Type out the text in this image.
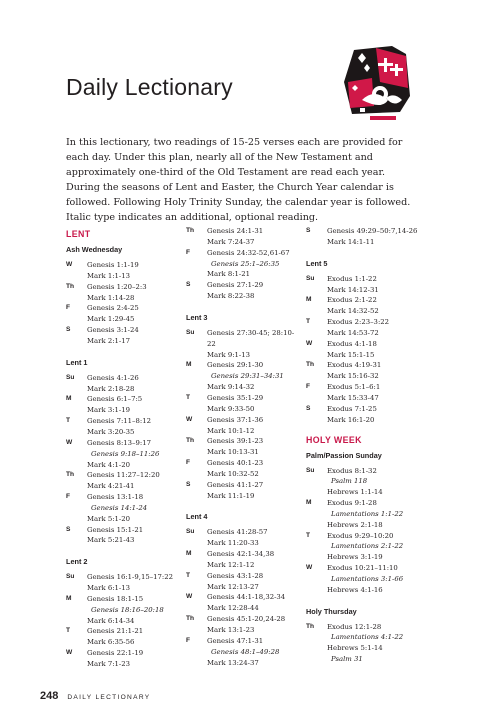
Daily Lectionary

In this lectionary, two readings of 15-25 verses each are provided for each day. Under this plan, nearly all of the New Testament and approximately one-third of the Old Testament are read each year. During the seasons of Lent and Easter, the Church Year calendar is followed. Following Holy Trinity Sunday, the calendar year is followed. Italic type indicates an additional, optional reading.

LENT
Ash Wednesday
W	Genesis 1:1-19
Mark 1:1-13
Th	Genesis 1:20–2:3
Mark 1:14-28
F	Genesis 2:4-25
Mark 1:29-45
S	Genesis 3:1-24
Mark 2:1-17
Lent 1
Su	Genesis 4:1-26
Mark 2:18-28
M	Genesis 6:1–7:5
Mark 3:1-19
T	Genesis 7:11–8:12
Mark 3:20-35
W	Genesis 8:13–9:17
Genesis 9:18–11:26
Mark 4:1-20
Th	Genesis 11:27–12:20
Mark 4:21-41
F	Genesis 13:1-18
Genesis 14:1-24
Mark 5:1-20
S	Genesis 15:1-21
Mark 5:21-43
Lent 2
Su	Genesis 16:1-9,15–17:22
Mark 6:1-13
M	Genesis 18:1-15
Genesis 18:16–20:18
Mark 6:14-34
T	Genesis 21:1-21
Mark 6:35-56
W	Genesis 22:1-19
Mark 7:1-23
Th	Genesis 24:1-31
Mark 7:24-37
F	Genesis 24:32-52,61-67
Genesis 25:1–26:35
Mark 8:1-21
S	Genesis 27:1-29
Mark 8:22-38
Lent 3
Su	Genesis 27:30-45; 28:10-22
Mark 9:1-13
M	Genesis 29:1-30
Genesis 29:31–34:31
Mark 9:14-32
T	Genesis 35:1-29
Mark 9:33-50
W	Genesis 37:1-36
Mark 10:1-12
Th	Genesis 39:1-23
Mark 10:13-31
F	Genesis 40:1-23
Mark 10:32-52
S	Genesis 41:1-27
Mark 11:1-19
Lent 4
Su	Genesis 41:28-57
Mark 11:20-33
M	Genesis 42:1-34,38
Mark 12:1-12
T	Genesis 43:1-28
Mark 12:13-27
W	Genesis 44:1-18,32-34
Mark 12:28-44
Th	Genesis 45:1-20,24-28
Mark 13:1-23
F	Genesis 47:1-31
Genesis 48:1–49:28
Mark 13:24-37
S	Genesis 49:29–50:7,14-26
Mark 14:1-11
Lent 5
Su	Exodus 1:1-22
Mark 14:12-31
M	Exodus 2:1-22
Mark 14:32-52
T	Exodus 2:23–3:22
Mark 14:53-72
W	Exodus 4:1-18
Mark 15:1-15
Th	Exodus 4:19-31
Mark 15:16-32
F	Exodus 5:1–6:1
Mark 15:33-47
S	Exodus 7:1-25
Mark 16:1-20
HOLY WEEK
Palm/Passion Sunday
Su	Exodus 8:1-32
Psalm 118
Hebrews 1:1-14
M	Exodus 9:1-28
Lamentations 1:1-22
Hebrews 2:1-18
T	Exodus 9:29–10:20
Lamentations 2:1-22
Hebrews 3:1-19
W	Exodus 10:21–11:10
Lamentations 3:1-66
Hebrews 4:1-16
Holy Thursday
Th	Exodus 12:1-28
Lamentations 4:1-22
Hebrews 5:1-14
Psalm 31
248 DAILY LECTIONARY
